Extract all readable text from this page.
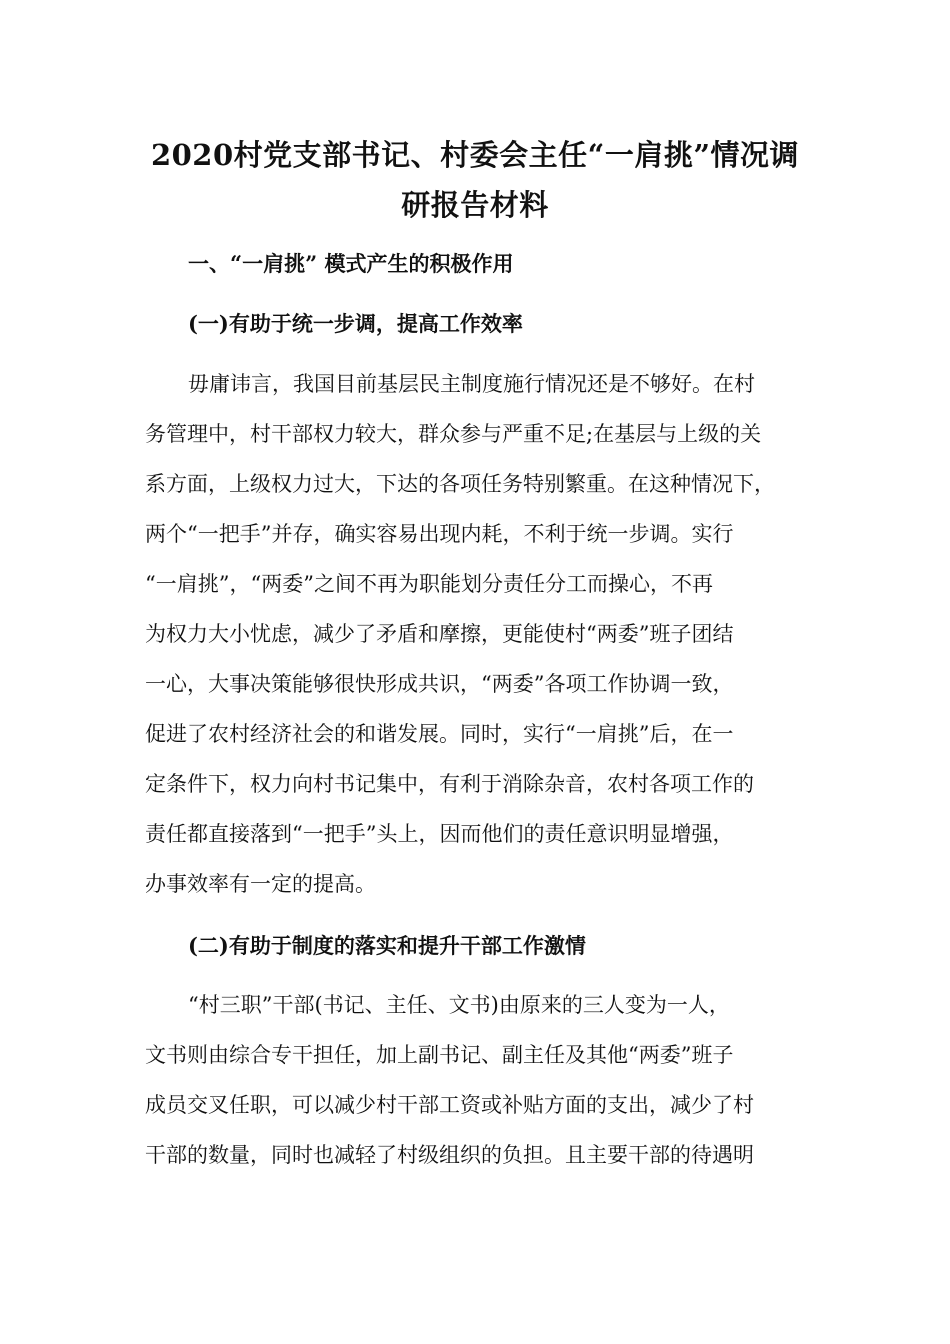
2020村党支部书记、村委会主任“一肩挑”情况调
研报告材料
一、“一肩挑” 模式产生的积极作用
(一)有助于统一步调，提高工作效率
毋庸讳言，我国目前基层民主制度施行情况还是不够好。在村
务管理中，村干部权力较大，群众参与严重不足;在基层与上级的关
系方面，上级权力过大，下达的各项任务特别繁重。在这种情况下，
两个“一把手”并存，确实容易出现内耗，不利于统一步调。实行
“一肩挑”，“两委”之间不再为职能划分责任分工而操心，不再
为权力大小忧虑，减少了矛盾和摩擦，更能使村“两委”班子团结
一心，大事决策能够很快形成共识，“两委”各项工作协调一致，
促进了农村经济社会的和谐发展。同时，实行“一肩挑”后，在一
定条件下，权力向村书记集中，有利于消除杂音，农村各项工作的
责任都直接落到“一把手”头上，因而他们的责任意识明显增强，
办事效率有一定的提高。
(二)有助于制度的落实和提升干部工作激情
“村三职”干部(书记、主任、文书)由原来的三人变为一人，
文书则由综合专干担任，加上副书记、副主任及其他“两委”班子
成员交叉任职，可以减少村干部工资或补贴方面的支出，减少了村
干部的数量，同时也减轻了村级组织的负担。且主要干部的待遇明
